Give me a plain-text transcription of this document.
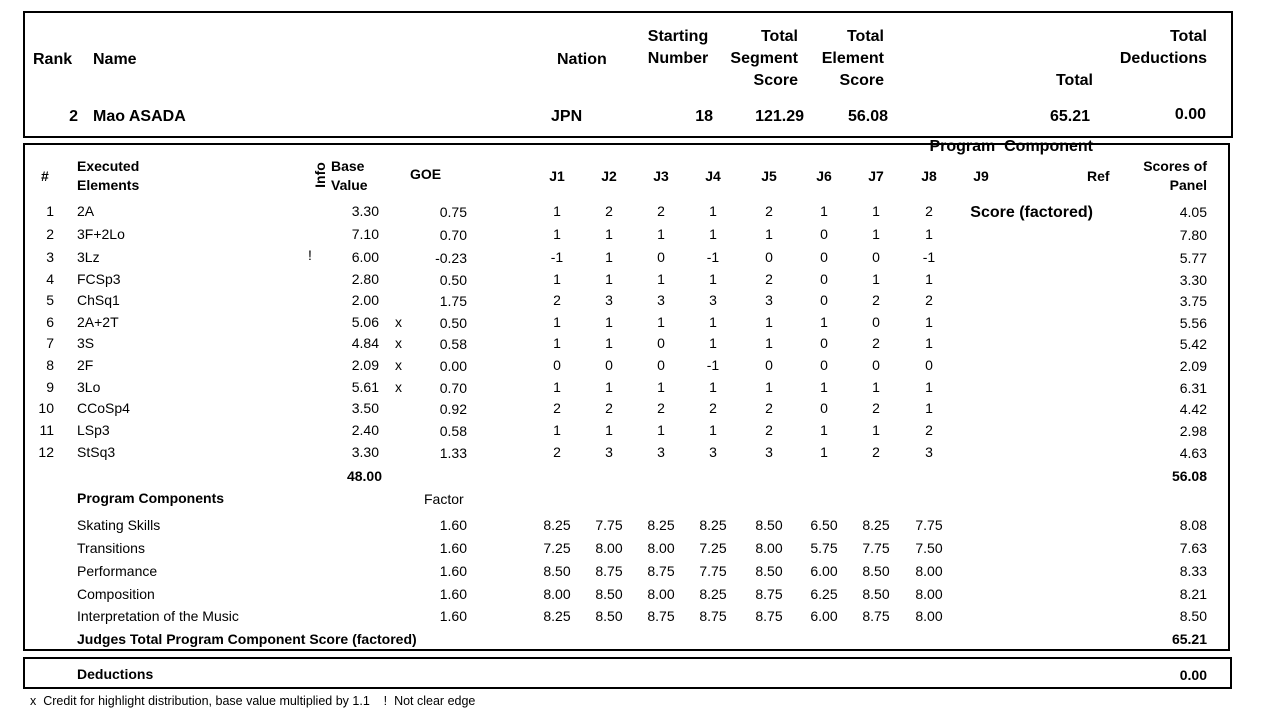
Rank Name	Nation
Starting
Number
Total
Segment
Score
Total
Element
Score

	Total

Program  Component

Score (factored)

Total
Deductions
2 Mao ASADA	JPN	18	121.29	56.08	65.21	0.00
#
Executed
Elements	Info Base
Value
GOE	J1	J2	J3	J4	J5	J6	J7	J8	J9	Ref
Scores of
Panel
1 2A	3.30	0.75	1	2	2	1	2	1	1	2	4.05
2 3F+2Lo	7.10	0.70	1	1	1	1	1	0	1	1	7.80
3 3Lz	!	6.00	-0.23	-1	1	0	-1	0	0	0	-1	5.77
4 FCSp3	2.80	0.50	1	1	1	1	2	0	1	1	3.30
5 ChSq1	2.00	1.75	2	3	3	3	3	0	2	2	3.75
6 2A+2T	5.06 x	0.50	1	1	1	1	1	1	0	1	5.56
7 3S	4.84 x	0.58	1	1	0	1	1	0	2	1	5.42
8 2F	2.09 x	0.00	0	0	0	-1	0	0	0	0	2.09
9 3Lo	5.61 x	0.70	1	1	1	1	1	1	1	1	6.31
10 CCoSp4	3.50	0.92	2	2	2	2	2	0	2	1	4.42
11 LSp3	2.40	0.58	1	1	1	1	2	1	1	2	2.98
12 StSq3	3.30	1.33	2	3	3	3	3	1	2	3	4.63
48.00	56.08
Program Components	Factor
Skating Skills	1.60	8.25	7.75	8.25	8.25	8.50	6.50	8.25	7.75	8.08
Transitions	1.60	7.25	8.00	8.00	7.25	8.00	5.75	7.75	7.50	7.63
Performance	1.60	8.50	8.75	8.75	7.75	8.50	6.00	8.50	8.00	8.33
Composition	1.60	8.00	8.50	8.00	8.25	8.75	6.25	8.50	8.00	8.21
Interpretation of the Music	1.60	8.25	8.50	8.75	8.75	8.75	6.00	8.75	8.00	8.50
Judges Total Program Component Score (factored)	65.21
Deductions	0.00
x  Credit for highlight distribution, base value multiplied by 1.1    !  Not clear edge
